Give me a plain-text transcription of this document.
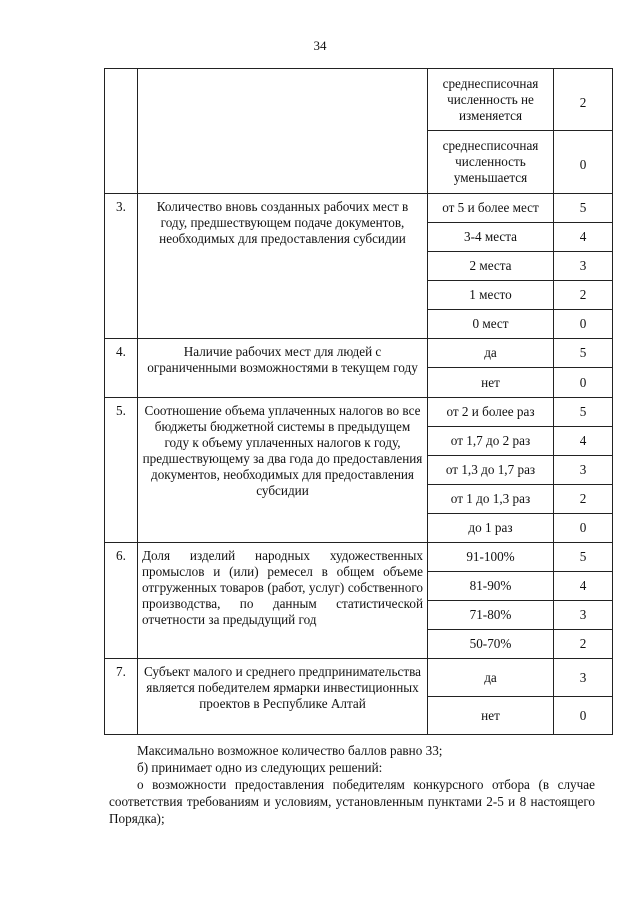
34
		среднесписочная численность не изменяется	2
		среднесписочная численность уменьшается	0
3.	Количество вновь созданных рабочих мест в году, предшествующем подаче документов, необходимых для предоставления субсидии	от 5 и более мест	5
		3-4 места	4
		2 места	3
		1 место	2
		0 мест	0
4.	Наличие рабочих мест для людей с ограниченными возможностями в текущем году	да	5
		нет	0
5.	Соотношение объема уплаченных налогов во все бюджеты бюджетной системы в предыдущем году к объему уплаченных налогов к году, предшествующему за два года до предоставления документов, необходимых для предоставления субсидии	от 2 и более раз	5
		от 1,7 до 2 раз	4
		от 1,3 до 1,7 раз	3
		от 1 до 1,3 раз	2
		до 1 раз	0
6.	Доля изделий народных художественных промыслов и (или) ремесел в общем объеме отгруженных товаров (работ, услуг) собственного производства, по данным статистической отчетности за предыдущий год	91-100%	5
		81-90%	4
		71-80%	3
		50-70%	2
7.	Субъект малого и среднего предпринимательства является победителем ярмарки инвестиционных проектов в Республике Алтай	да	3
		нет	0

Максимально возможное количество баллов равно 33;

б) принимает одно из следующих решений:

о возможности предоставления победителям конкурсного отбора (в случае соответствия требованиям и условиям, установленным пунктами 2-5 и 8 настоящего Порядка);
